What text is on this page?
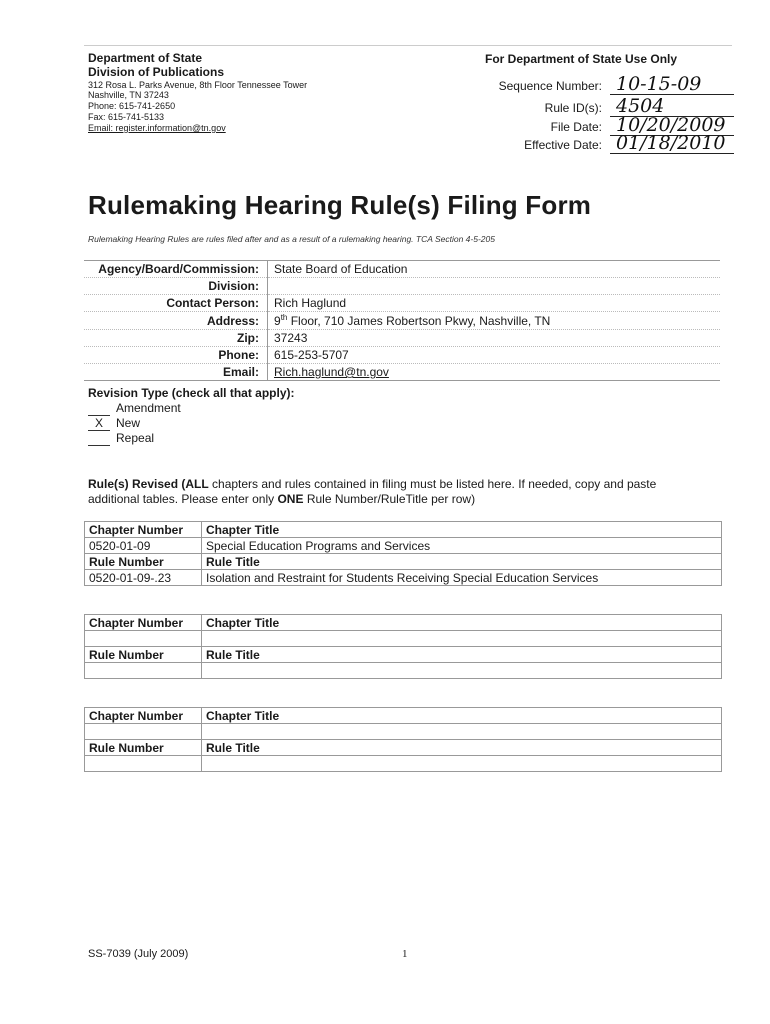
Department of State
Division of Publications
312 Rosa L. Parks Avenue, 8th Floor Tennessee Tower
Nashville, TN 37243
Phone: 615-741-2650
Fax: 615-741-5133
Email: register.information@tn.gov
For Department of State Use Only
Sequence Number: 10-15-09
Rule ID(s): 4504
File Date: 10/20/2009
Effective Date: 01/18/2010
Rulemaking Hearing Rule(s) Filing Form
Rulemaking Hearing Rules are rules filed after and as a result of a rulemaking hearing. TCA Section 4-5-205
Agency/Board/Commission:	State Board of Education
Division:	
Contact Person:	Rich Haglund
Address:	9th Floor, 710 James Robertson Pkwy, Nashville, TN
Zip:	37243
Phone:	615-253-5707
Email:	Rich.haglund@tn.gov
Revision Type (check all that apply):
Amendment
X	New
Repeal
Rule(s) Revised (ALL chapters and rules contained in filing must be listed here. If needed, copy and paste additional tables. Please enter only ONE Rule Number/RuleTitle per row)
Chapter Number	Chapter Title
0520-01-09	Special Education Programs and Services
Rule Number	Rule Title
0520-01-09-.23	Isolation and Restraint for Students Receiving Special Education Services
Chapter Number	Chapter Title

Rule Number	Rule Title

Chapter Number	Chapter Title

Rule Number	Rule Title

SS-7039 (July 2009)	1
